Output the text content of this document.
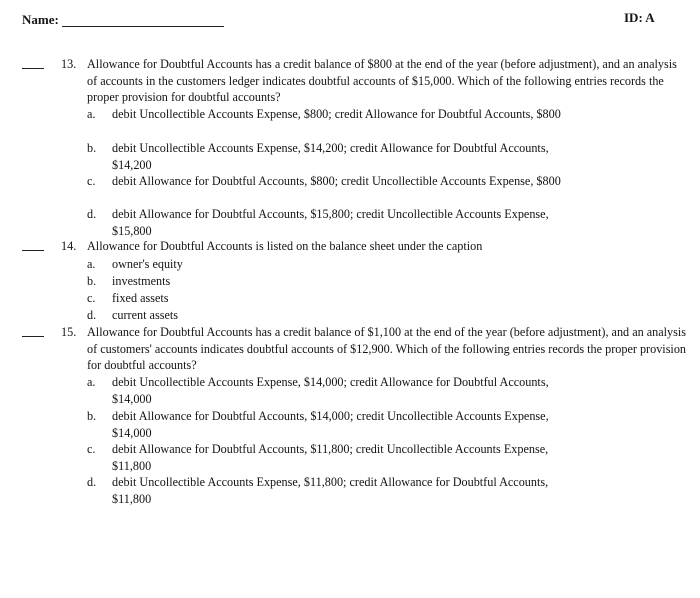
Name:	ID: A
13. Allowance for Doubtful Accounts has a credit balance of $800 at the end of the year (before adjustment), and an analysis of accounts in the customers ledger indicates doubtful accounts of $15,000. Which of the following entries records the proper provision for doubtful accounts?
a.	debit Uncollectible Accounts Expense, $800; credit Allowance for Doubtful Accounts, $800
b.	debit Uncollectible Accounts Expense, $14,200; credit Allowance for Doubtful Accounts, $14,200
c.	debit Allowance for Doubtful Accounts, $800; credit Uncollectible Accounts Expense, $800
d.	debit Allowance for Doubtful Accounts, $15,800; credit Uncollectible Accounts Expense, $15,800
14. Allowance for Doubtful Accounts is listed on the balance sheet under the caption
a.	owner's equity
b.	investments
c.	fixed assets
d.	current assets
15. Allowance for Doubtful Accounts has a credit balance of $1,100 at the end of the year (before adjustment), and an analysis of customers' accounts indicates doubtful accounts of $12,900. Which of the following entries records the proper provision for doubtful accounts?
a.	debit Uncollectible Accounts Expense, $14,000; credit Allowance for Doubtful Accounts, $14,000
b.	debit Allowance for Doubtful Accounts, $14,000; credit Uncollectible Accounts Expense, $14,000
c.	debit Allowance for Doubtful Accounts, $11,800; credit Uncollectible Accounts Expense, $11,800
d.	debit Uncollectible Accounts Expense, $11,800; credit Allowance for Doubtful Accounts, $11,800
